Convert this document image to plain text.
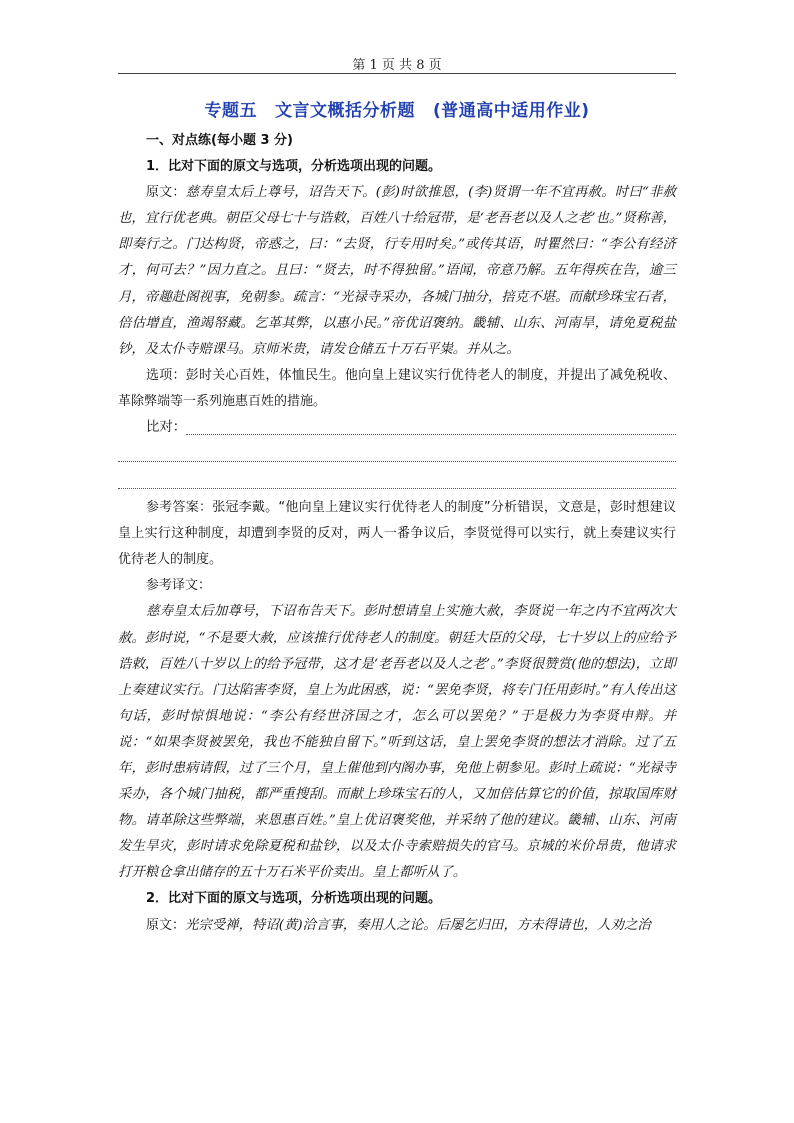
第 1 页 共 8 页
专题五 文言文概括分析题 (普通高中适用作业)

一、对点练(每小题 3 分)

1．比对下面的原文与选项，分析选项出现的问题。

原文：慈寿皇太后上尊号，诏告天下。(彭)时欲推恩，(李)贤谓一年不宜再赦。时曰“非赦也，宜行优老典。朝臣父母七十与诰敕，百姓八十给冠带，是‘老吾老以及人之老’也。”贤称善，即奏行之。门达构贤，帝惑之，曰：“去贤，行专用时矣。”或传其语，时瞿然曰：“李公有经济才，何可去？”因力直之。且曰：“贤去，时不得独留。”语闻，帝意乃解。五年得疾在告，逾三月，帝趣赴阁视事，免朝参。疏言：“光禄寺采办，各城门抽分，掊克不堪。而献珍珠宝石者，倍估增直，渔竭帑藏。乞革其弊，以惠小民。”帝优诏褒纳。畿辅、山东、河南旱，请免夏税盐钞，及太仆寺赔课马。京师米贵，请发仓储五十万石平粜。并从之。

选项：彭时关心百姓，体恤民生。他向皇上建议实行优待老人的制度，并提出了减免税收、革除弊端等一系列施惠百姓的措施。

比对：

参考答案：张冠李戴。“他向皇上建议实行优待老人的制度”分析错误，文意是，彭时想建议皇上实行这种制度，却遭到李贤的反对，两人一番争议后，李贤觉得可以实行，就上奏建议实行优待老人的制度。

参考译文：

慈寿皇太后加尊号，下诏布告天下。彭时想请皇上实施大赦，李贤说一年之内不宜两次大赦。彭时说，“不是要大赦，应该推行优待老人的制度。朝廷大臣的父母，七十岁以上的应给予诰敕，百姓八十岁以上的给予冠带，这才是‘老吾老以及人之老’。”李贤很赞赏(他的想法)，立即上奏建议实行。门达陷害李贤，皇上为此困惑，说：“罢免李贤，将专门任用彭时。”有人传出这句话，彭时惊惧地说：“李公有经世济国之才，怎么可以罢免？”于是极力为李贤申辩。并说：“如果李贤被罢免，我也不能独自留下。”听到这话，皇上罢免李贤的想法才消除。过了五年，彭时患病请假，过了三个月，皇上催他到内阁办事，免他上朝参见。彭时上疏说：“光禄寺采办，各个城门抽税，都严重搜刮。而献上珍珠宝石的人，又加倍估算它的价值，掠取国库财物。请革除这些弊端，来恩惠百姓。”皇上优诏褒奖他，并采纳了他的建议。畿辅、山东、河南发生旱灾，彭时请求免除夏税和盐钞，以及太仆寺索赔损失的官马。京城的米价昂贵，他请求打开粮仓拿出储存的五十万石米平价卖出。皇上都听从了。

2．比对下面的原文与选项，分析选项出现的问题。

原文：光宗受禅，特诏(黄)洽言事，奏用人之论。后屡乞归田，方未得请也，人劝之治
